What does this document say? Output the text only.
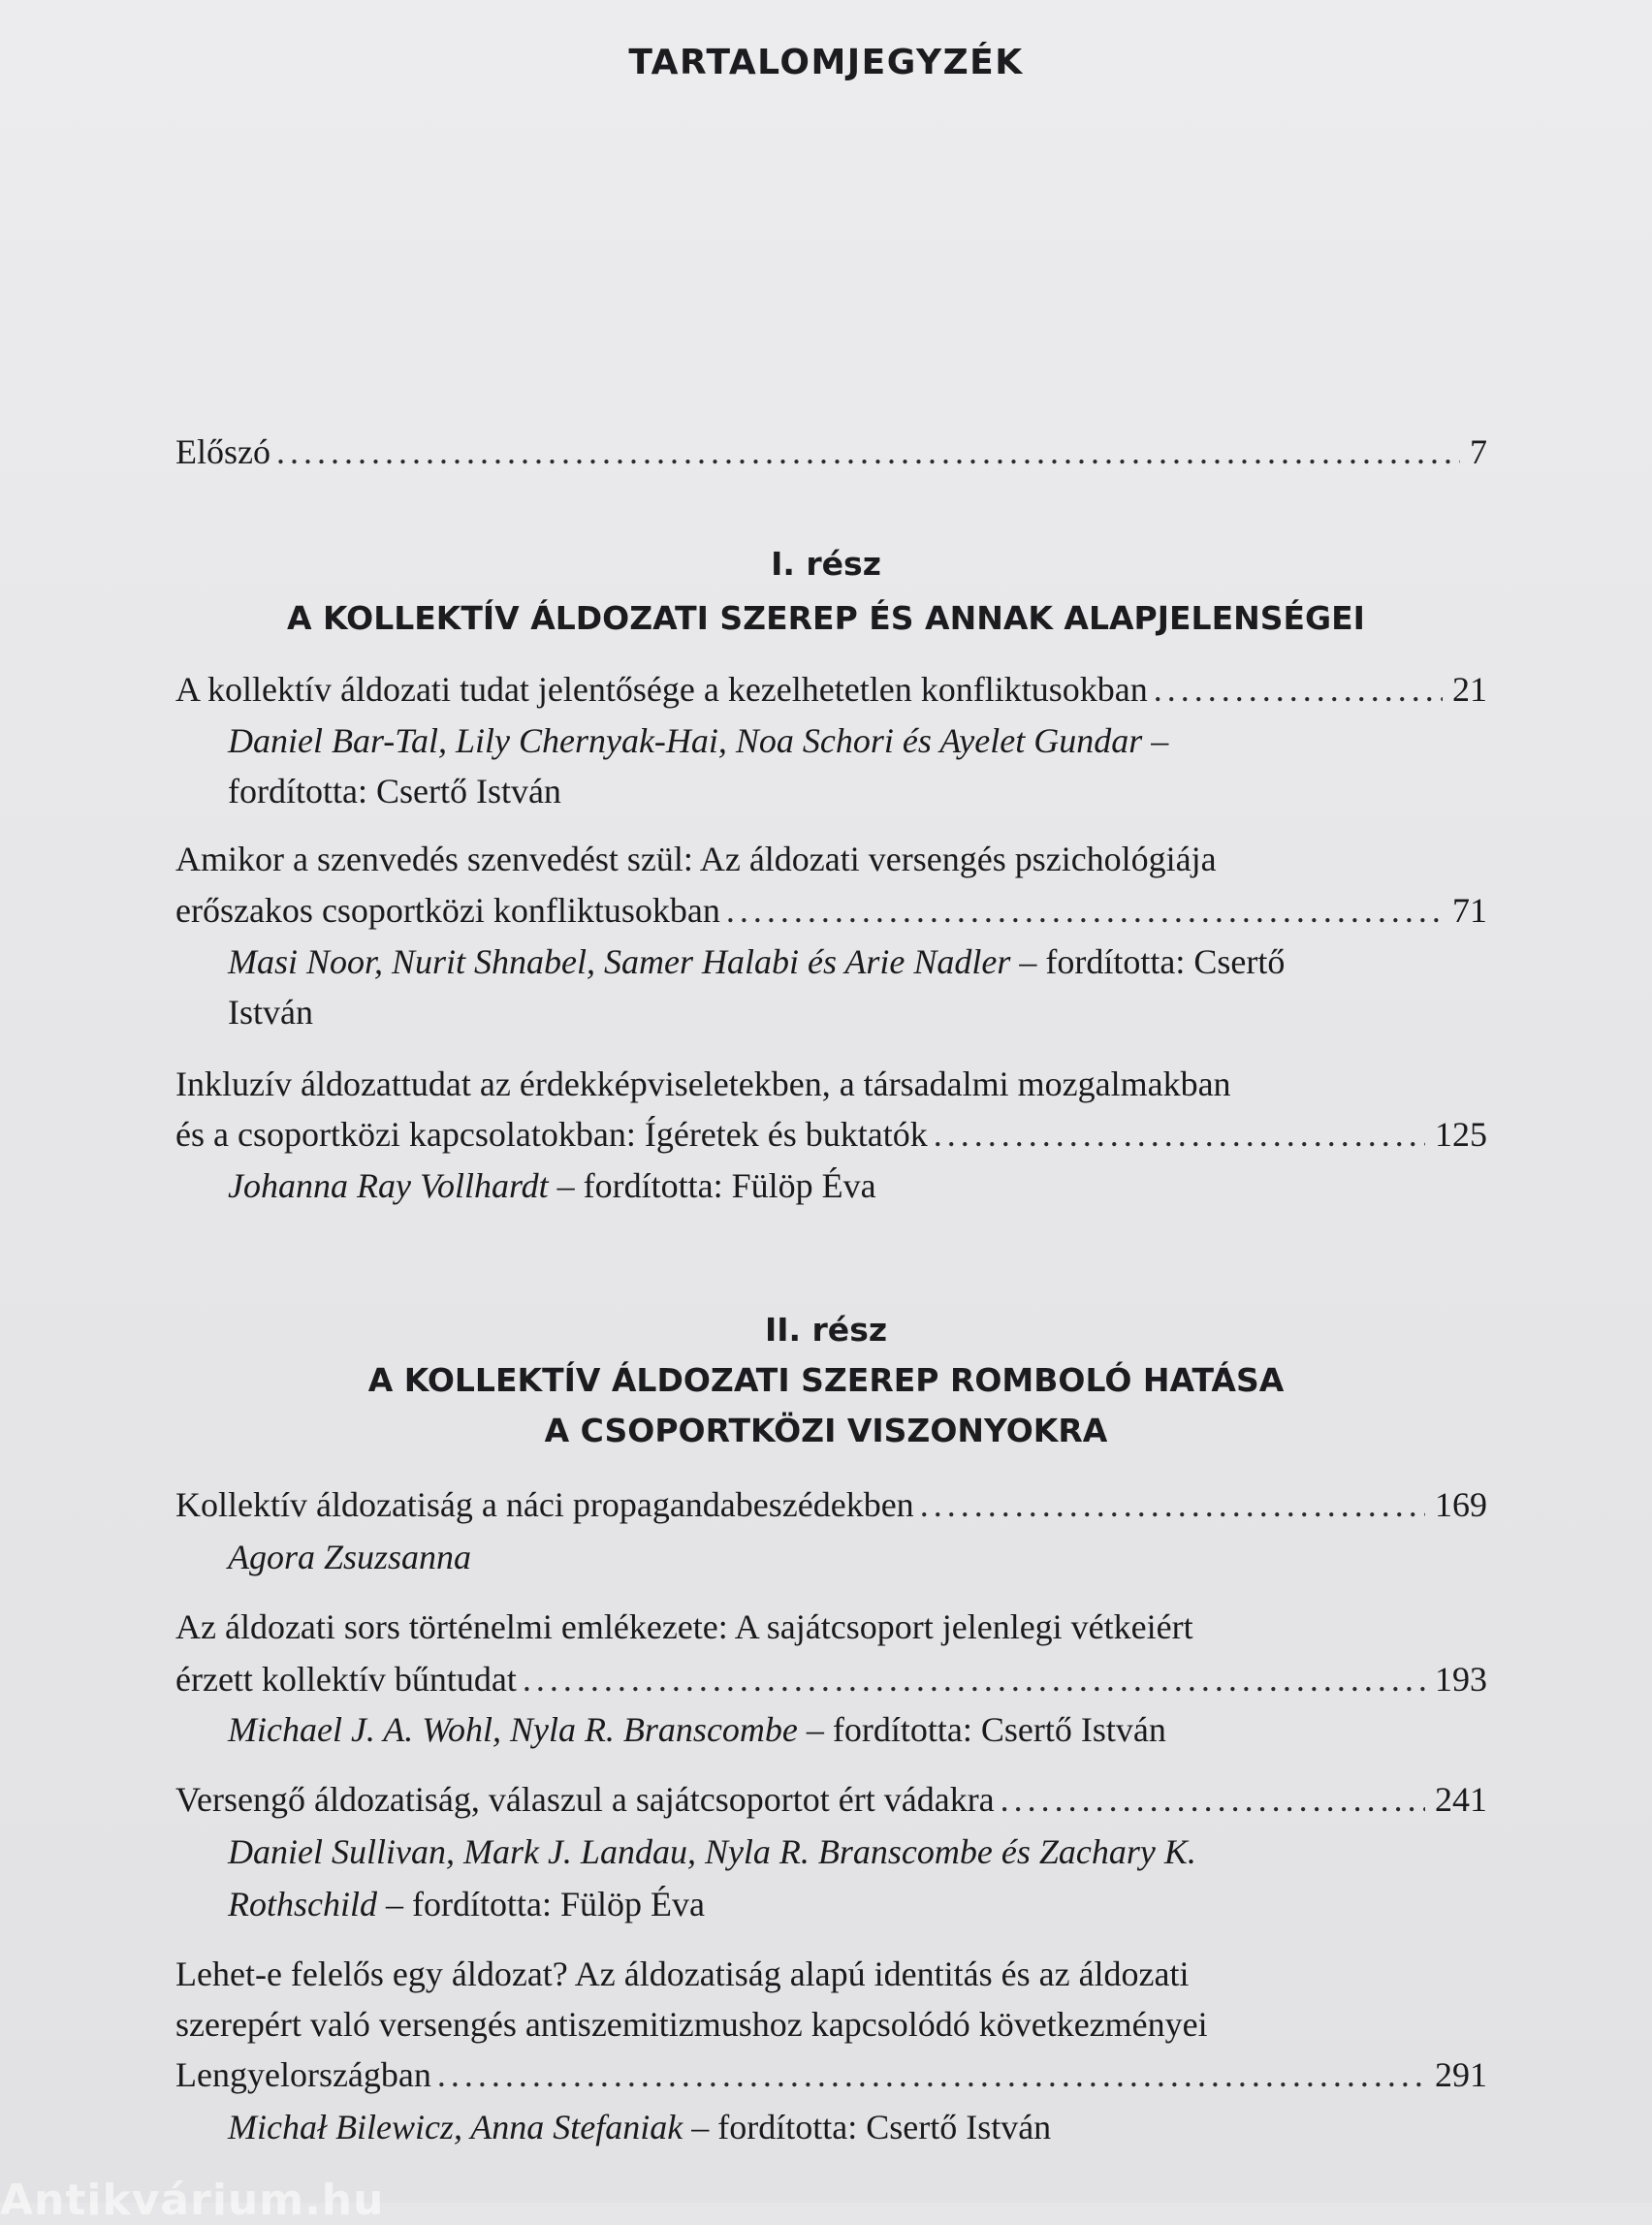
TARTALOMJEGYZÉK
Előszó .....	7
I. rész
A KOLLEKTÍV ÁLDOZATI SZEREP ÉS ANNAK ALAPJELENSÉGEI
A kollektív áldozati tudat jelentősége a kezelhetetlen konfliktusokban .....	21
Daniel Bar-Tal, Lily Chernyak-Hai, Noa Schori és Ayelet Gundar –
fordította: Csertő István
Amikor a szenvedés szenvedést szül: Az áldozati versengés pszichológiája
erőszakos csoportközi konfliktusokban .....	71
Masi Noor, Nurit Shnabel, Samer Halabi és Arie Nadler – fordította: Csertő
István
Inkluzív áldozattudat az érdekképviseletekben, a társadalmi mozgalmakban
és a csoportközi kapcsolatokban: Ígéretek és buktatók .....	125
Johanna Ray Vollhardt – fordította: Fülöp Éva
II. rész
A KOLLEKTÍV ÁLDOZATI SZEREP ROMBOLÓ HATÁSA
A CSOPORTKÖZI VISZONYOKRA
Kollektív áldozatiság a náci propagandabeszédekben .....	169
Agora Zsuzsanna
Az áldozati sors történelmi emlékezete: A sajátcsoport jelenlegi vétkeiért
érzett kollektív bűntudat .....	193
Michael J. A. Wohl, Nyla R. Branscombe – fordította: Csertő István
Versengő áldozatiság, válaszul a sajátcsoportot ért vádakra .....	241
Daniel Sullivan, Mark J. Landau, Nyla R. Branscombe és Zachary K.
Rothschild – fordította: Fülöp Éva
Lehet-e felelős egy áldozat? Az áldozatiság alapú identitás és az áldozati
szerepért való versengés antiszemitizmushoz kapcsolódó következményei
Lengyelországban .....	291
Michał Bilewicz, Anna Stefaniak – fordította: Csertő István
Antikvárium.hu
